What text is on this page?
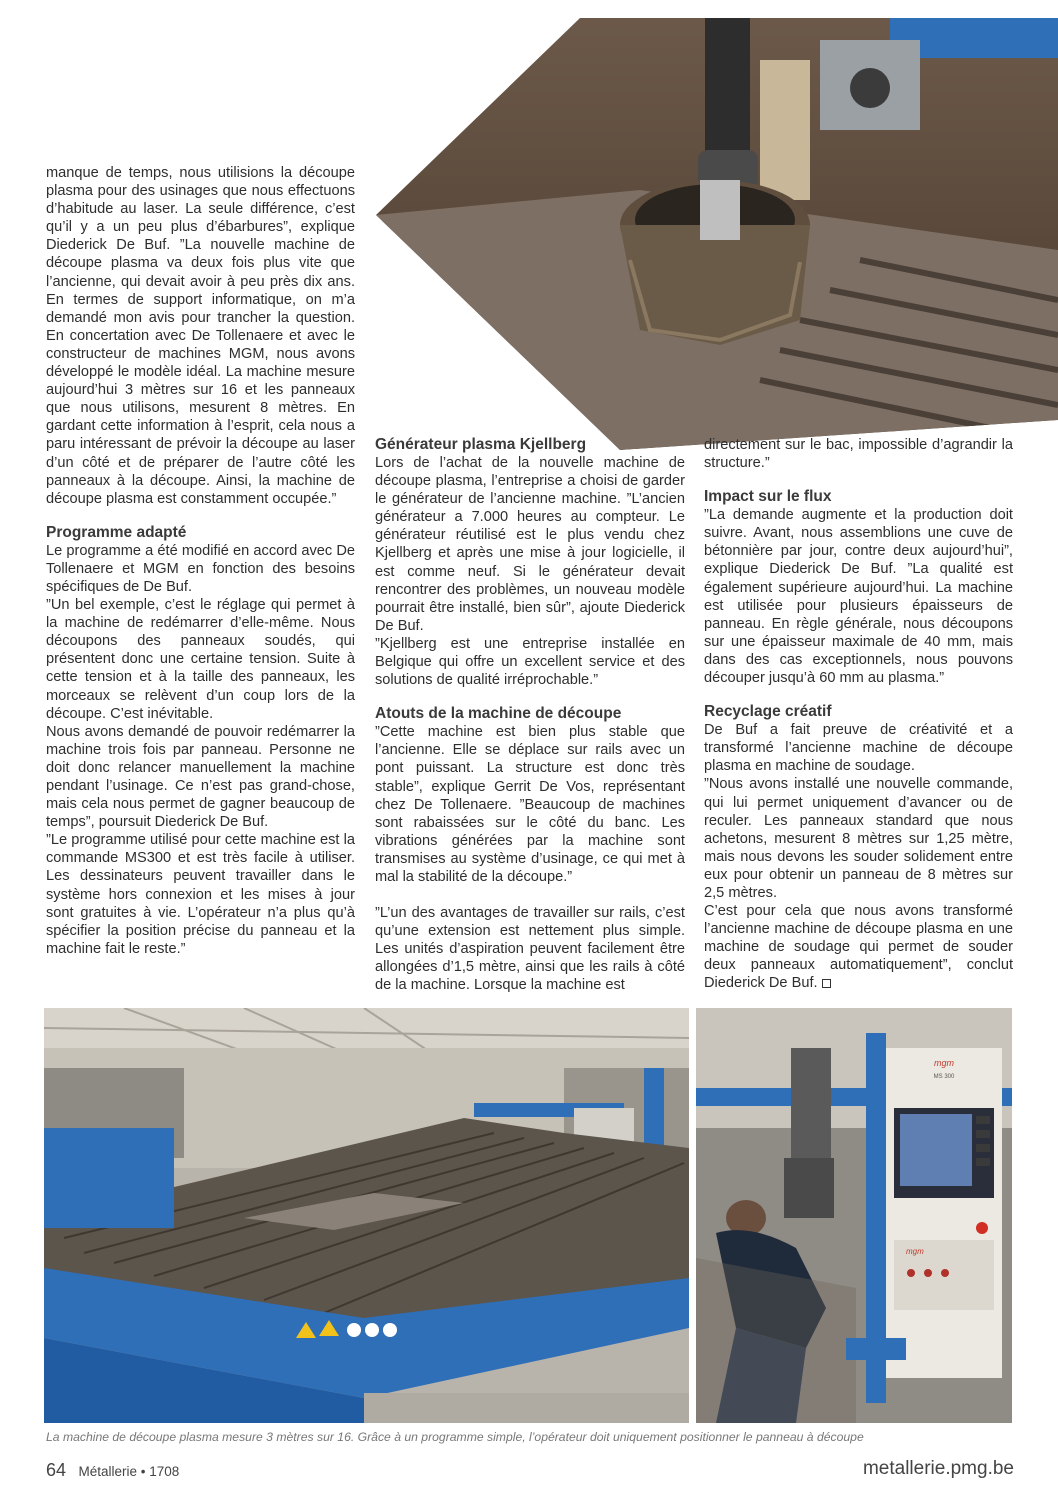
manque de temps, nous utilisions la découpe plasma pour des usinages que nous effectuons d’habitude au laser. La seule différence, c’est qu’il y a un peu plus d’ébarbures”, explique Diederick De Buf. ”La nouvelle machine de découpe plasma va deux fois plus vite que l’ancienne, qui devait avoir à peu près dix ans. En termes de support informatique, on m’a demandé mon avis pour trancher la question. En concertation avec De Tollenaere et avec le constructeur de machines MGM, nous avons développé le modèle idéal. La machine mesure aujourd’hui 3 mètres sur 16 et les panneaux que nous utilisons, mesurent 8 mètres. En gardant cette information à l’esprit, cela nous a paru intéressant de prévoir la découpe au laser d’un côté et de préparer de l’autre côté les panneaux à la découpe. Ainsi, la machine de découpe plasma est constamment occupée.”

Programme adapté

Le programme a été modifié en accord avec De Tollenaere et MGM en fonction des besoins spécifiques de De Buf.

”Un bel exemple, c’est le réglage qui permet à la machine de redémarrer d’elle-même. Nous découpons des panneaux soudés, qui présentent donc une certaine tension. Suite à cette tension et à la taille des panneaux, les morceaux se relèvent d’un coup lors de la découpe. C’est inévitable.

Nous avons demandé de pouvoir redémarrer la machine trois fois par panneau. Personne ne doit donc relancer manuellement la machine pendant l’usinage. Ce n’est pas grand-chose, mais cela nous permet de gagner beaucoup de temps”, poursuit Diederick De Buf.

”Le programme utilisé pour cette machine est la commande MS300 et est très facile à utiliser. Les dessinateurs peuvent travailler dans le système hors connexion et les mises à jour sont gratuites à vie. L’opérateur n’a plus qu’à spécifier la position précise du panneau et la machine fait le reste.”

Générateur plasma Kjellberg

Lors de l’achat de la nouvelle machine de découpe plasma, l’entreprise a choisi de garder le générateur de l’ancienne machine. ”L’ancien générateur a 7.000 heures au compteur. Le générateur réutilisé est le plus vendu chez Kjellberg et après une mise à jour logicielle, il est comme neuf. Si le générateur devait rencontrer des problèmes, un nouveau modèle pourrait être installé, bien sûr”, ajoute Diederick De Buf.

”Kjellberg est une entreprise installée en Belgique qui offre un excellent service et des solutions de qualité irréprochable.”

Atouts de la machine de découpe

”Cette machine est bien plus stable que l’ancienne. Elle se déplace sur rails avec un pont puissant. La structure est donc très stable”, explique Gerrit De Vos, représentant chez De Tollenaere. ”Beaucoup de machines sont rabaissées sur le côté du banc. Les vibrations générées par la machine sont transmises au système d’usinage, ce qui met à mal la stabilité de la découpe.”

”L’un des avantages de travailler sur rails, c’est qu’une extension est nettement plus simple. Les unités d’aspiration peuvent facilement être allongées d’1,5 mètre, ainsi que les rails à côté de la machine. Lorsque la machine est

directement sur le bac, impossible d’agrandir la structure.”

Impact sur le flux

”La demande augmente et la production doit suivre. Avant, nous assemblions une cuve de bétonnière par jour, contre deux aujourd’hui”, explique Diederick De Buf. ”La qualité est également supérieure aujourd’hui. La machine est utilisée pour plusieurs épaisseurs de panneau. En règle générale, nous découpons sur une épaisseur maximale de 40 mm, mais dans des cas exceptionnels, nous pouvons découper jusqu’à 60 mm au plasma.”

Recyclage créatif

De Buf a fait preuve de créativité et a transformé l’ancienne machine de découpe plasma en machine de soudage.

”Nous avons installé une nouvelle commande, qui lui permet uniquement d’avancer ou de reculer. Les panneaux standard que nous achetons, mesurent 8 mètres sur 1,25 mètre, mais nous devons les souder solidement entre eux pour obtenir un panneau de 8 mètres sur 2,5 mètres.

C’est pour cela que nous avons transformé l’ancienne machine de découpe plasma en une machine de soudage qui permet de souder deux panneaux automatiquement”, conclut Diederick De Buf.

mgm
MS 300
mgm
La machine de découpe plasma mesure 3 mètres sur 16. Grâce à un programme simple, l’opérateur doit uniquement positionner le panneau à découpe
64 Métallerie • 1708	metallerie.pmg.be
